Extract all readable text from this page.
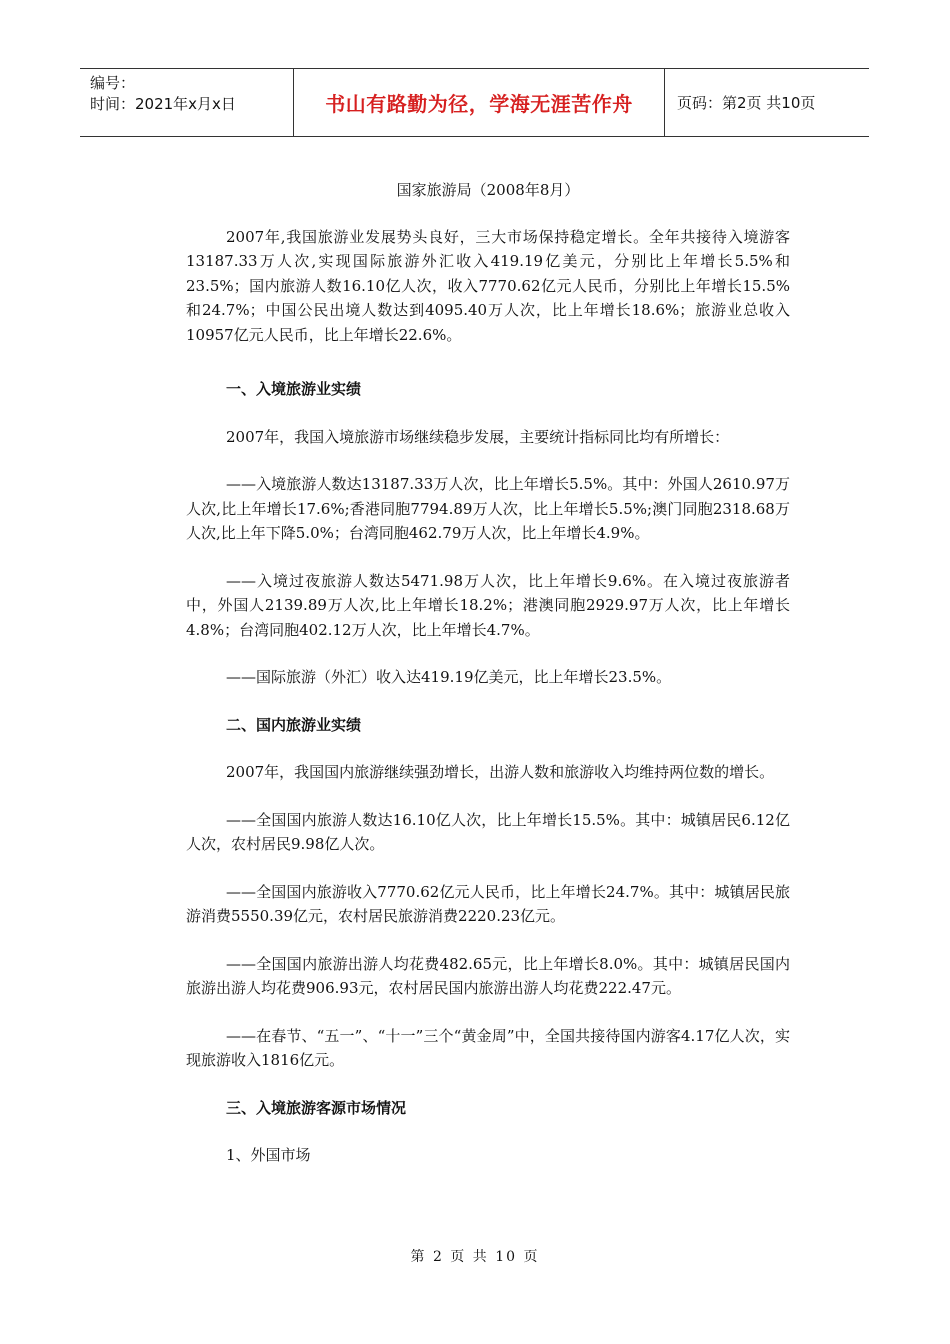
编号：
时间：2021年x月x日	书山有路勤为径，学海无涯苦作舟	页码：第2页 共10页

国家旅游局（2008年8月）

2007年,我国旅游业发展势头良好，三大市场保持稳定增长。全年共接待入境游客13187.33万人次,实现国际旅游外汇收入419.19亿美元，分别比上年增长5.5%和23.5%；国内旅游人数16.10亿人次，收入7770.62亿元人民币，分别比上年增长15.5%和24.7%；中国公民出境人数达到4095.40万人次，比上年增长18.6%；旅游业总收入10957亿元人民币，比上年增长22.6%。

一、入境旅游业实绩

2007年，我国入境旅游市场继续稳步发展，主要统计指标同比均有所增长：

——入境旅游人数达13187.33万人次，比上年增长5.5%。其中：外国人2610.97万人次,比上年增长17.6%;香港同胞7794.89万人次，比上年增长5.5%;澳门同胞2318.68万人次,比上年下降5.0%；台湾同胞462.79万人次，比上年增长4.9%。

——入境过夜旅游人数达5471.98万人次，比上年增长9.6%。在入境过夜旅游者中，外国人2139.89万人次,比上年增长18.2%；港澳同胞2929.97万人次，比上年增长4.8%；台湾同胞402.12万人次，比上年增长4.7%。

——国际旅游（外汇）收入达419.19亿美元，比上年增长23.5%。

二、国内旅游业实绩

2007年，我国国内旅游继续强劲增长，出游人数和旅游收入均维持两位数的增长。

——全国国内旅游人数达16.10亿人次，比上年增长15.5%。其中：城镇居民6.12亿人次，农村居民9.98亿人次。

——全国国内旅游收入7770.62亿元人民币，比上年增长24.7%。其中：城镇居民旅游消费5550.39亿元，农村居民旅游消费2220.23亿元。

——全国国内旅游出游人均花费482.65元，比上年增长8.0%。其中：城镇居民国内旅游出游人均花费906.93元，农村居民国内旅游出游人均花费222.47元。

——在春节、“五一”、“十一”三个“黄金周”中，全国共接待国内游客4.17亿人次，实现旅游收入1816亿元。

三、入境旅游客源市场情况

1、外国市场

第 2 页 共 10 页
